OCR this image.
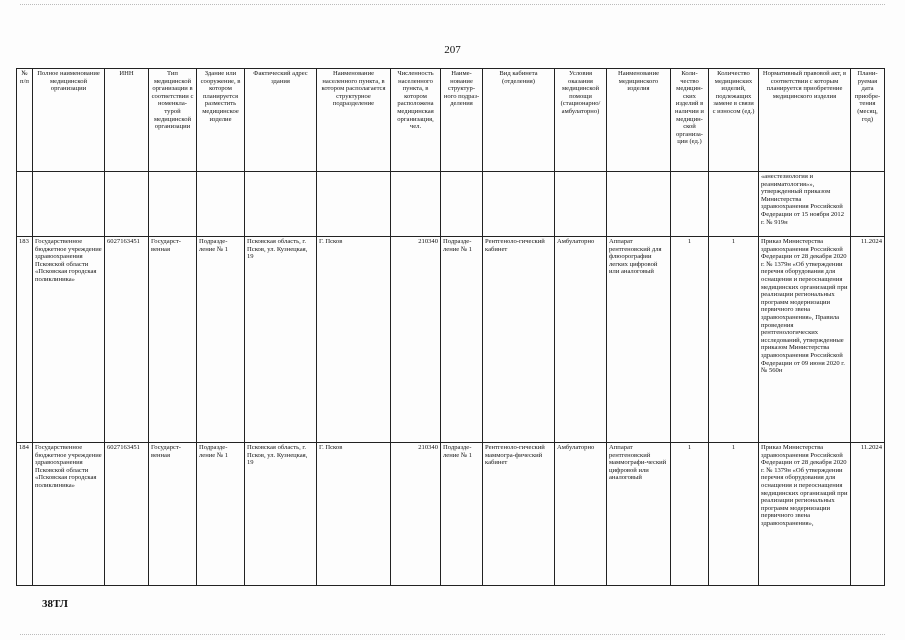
207
№ п/п	Полное наименование медицинской организации	ИНН	Тип медицинской организации в соответствии с номенкла-турой медицинской организации	Здание или сооружение, в котором планируется разместить медицинское изделие	Фактический адрес здания	Наименование населенного пункта, в котором располагается структурное подразделение	Численность населенного пункта, в котором расположена медицинская организация, чел.	Наиме-нование структур-ного подраз-деления	Вид кабинета (отделения)	Условия оказания медицинской помощи (стационарно/ амбулаторно)	Наименование медицинского изделия	Коли-чество медицин-ских изделий в наличии и медицин-ской организа-ции (ед.)	Количество медицинских изделий, подлежащих замене в связи с износом (ед.)	Нормативный правовой акт, в соответствии с которым планируется приобретение медицинского изделия	Плани-руемая дата приобре-тения (месяц, год)
														«анестезиология и реаниматология»», утвержденный приказом Министерства здравоохранения Российской Федерации от 15 ноября 2012 г. № 919н	
183	Государственное бюджетное учреждение здравоохранения Псковской области «Псковская городская поликлиника»	6027163451	Государст-венная	Подразде-ление № 1	Псковская область, г. Псков, ул. Кузнецкая, 19	Г. Псков	210340	Подразде-ление № 1	Рентгеноло-гический кабинет	Амбулаторно	Аппарат рентгеновский для флюорографии легких цифровой или аналоговый	1	1	Приказ Министерства здравоохранения Российской Федерации от 28 декабря 2020 г. № 1379н «Об утверждении перечня оборудования для оснащения и переоснащения медицинских организаций при реализации региональных программ модернизации первичного звена здравоохранения», Правила проведения рентгенологических исследований, утвержденные приказом Министерства здравоохранения Российской Федерации от 09 июня 2020 г. № 560н	11.2024
184	Государственное бюджетное учреждение здравоохранения Псковской области «Псковская городская поликлиника»	6027163451	Государст-венная	Подразде-ление № 1	Псковская область, г. Псков, ул. Кузнецкая, 19	Г. Псков	210340	Подразде-ление № 1	Рентгеноло-гический маммогра-фический кабинет	Амбулаторно	Аппарат рентгеновский маммографи-ческий цифровой или аналоговый	1	1	Приказ Министерства здравоохранения Российской Федерации от 28 декабря 2020 г. № 1379н «Об утверждении перечня оборудования для оснащения и переоснащения медицинских организаций при реализации региональных программ модернизации первичного звена здравоохранения»,	11.2024
38ТЛ
